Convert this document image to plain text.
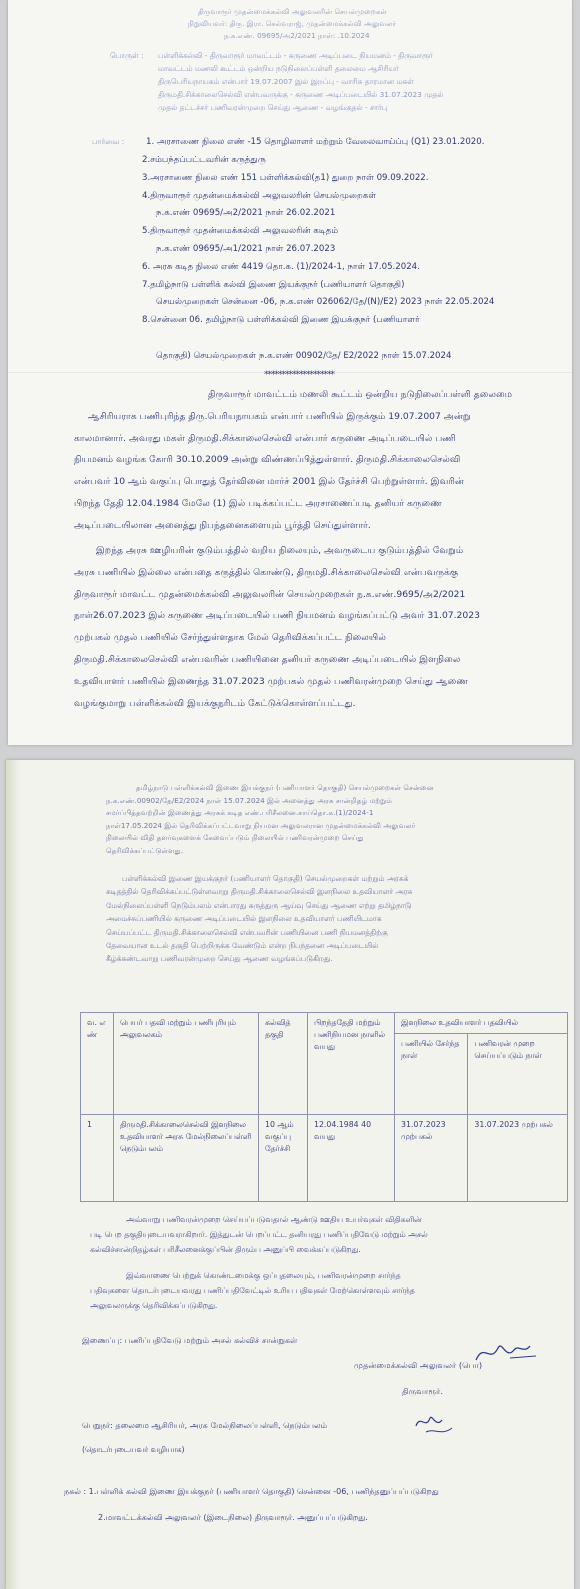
திருவாரூர் முதன்மைக்கல்வி அலுவலரின் செயல்முறைகள்
நிறுவியவர்: திரு. இரா. செல்வராஜ், முதன்மைக்கல்வி அலுவலர்
ந.க.எண். 09695/அ2/2021 நாள்: .10.2024
பொருள் : பள்ளிக்கல்வி - திருவாரூர் மாவட்டம் - கருணை அடிப்படை நியமனம் - திருவாரூர்
மாவட்டம் மணலி கூட்டம் ஒன்றிய நடுநிலைப்பள்ளி தலைமை ஆசிரியர்
திருபெரியநாயகம் என்பார் 19.07.2007 இல் இறப்பு - வாரிசு தாரமான மகள்
திருமதி.சிக்காலைசெல்வி என்பவருக்கு - கருணை அடிப்படையில் 31.07.2023 முதல்
முதல் தட்டச்சர் பணிவரன்முறை செய்து ஆணை - வழங்குதல் - சார்பு
பார்வை :	1. அரசாணை நிலை எண் -15 தொழிலாளர் மற்றும் வேலைவாய்ப்பு (Q1) 23.01.2020.
2.சம்பந்தப்பட்டவரின் கருத்துரு
3.அரசாணை நிலை எண் 151 பள்ளிக்கல்வி(த1) துறை நாள் 09.09.2022.
4.திருவாரூர் முதன்மைக்கல்வி அலுவலரின் செயல்முறைகள்
ந.க.எண் 09695/அ2/2021 நாள் 26.02.2021
5.திருவாரூர் முதன்மைக்கல்வி அலுவலரின் கடிதம்
ந.க.எண் 09695/அ1/2021 நாள் 26.07.2023
6. அரசு கடித நிலை எண் 4419 தொ.க. (1)/2024-1, நாள் 17.05.2024.
7.தமிழ்நாடு பள்ளிக் கல்வி இணை இயக்குநர் (பணியாளர் தொகுதி)
செயல்முறைகள் சென்னை -06, ந.க.எண் 026062/தே/(N)/E2) 2023 நாள் 22.05.2024
8.சென்னை 06. தமிழ்நாடு பள்ளிக்கல்வி இணை இயக்குநர் (பணியாளர்
தொகுதி) செயல்முறைகள் ந.க.எண் 00902/தே/ E2/2022 நாள் 15.07.2024
********************
திருவாரூர் மாவட்டம் மணலி கூட்டம் ஒன்றிய நடுநிலைப்பள்ளி தலைமை
ஆசிரியராக பணிபுரிந்த திரு.பெரியநாயகம் என்பார் பணியில் இருக்கும் 19.07.2007 அன்று
காலமானார். அவரது மகள் திருமதி.சிக்காலைசெல்வி என்பார் கருணை அடிப்படையில் பணி
நியமனம் வழங்க கோரி 30.10.2009 அன்று விண்ணப்பித்துள்ளார். திருமதி.சிக்காலைசெல்வி
என்பவர் 10 ஆம் வகுப்பு பொதுத் தேர்வினை மார்ச் 2001 இல் தேர்ச்சி பெற்றுள்ளார். இவரின்
பிறந்த தேதி 12.04.1984 மேலே (1) இல் படிக்கப்பட்ட அரசாணைப்படி தனியர் கருணை
அடிப்படையிலான அனைத்து நிபந்தனைகளையும் பூர்த்தி செய்துள்ளார்.
இறந்த அரசு ஊழியரின் குடும்பத்தில் வறிய நிலையும், அவருடைய குடும்பத்தில் வேறும்
அரசு பணியில் இல்லை என்பதை கருத்தில் கொண்டு, திருமதி.சிக்காலைசெல்வி என்பவருக்கு
திருவாரூர் மாவட்ட முதன்மைக்கல்வி அலுவலரின் செயல்முறைகள் ந.க.எண்.9695/அ2/2021
நாள்26.07.2023 இல் கருணை அடிப்படையில் பணி நியமனம் வழங்கப்பட்டு அவர் 31.07.2023
முற்பகல் முதல் பணியில் சேர்ந்துள்ளதாக மேல் தெரிவிக்கப்பட்ட நிலையில்
திருமதி.சிக்காலைசெல்வி என்பவரின் பணியினை தனியர் கருணை அடிப்படையில் இளநிலை
உதவியாளர் பணியில் இணைந்த 31.07.2023 முற்பகல் முதல் பணிவரன்முறை செய்து ஆணை
வழங்குமாறு பள்ளிக்கல்வி இயக்குநரிடம் கேட்டுக்கொள்ளப்பட்டது.
தமிழ்நாடு பள்ளிக்கல்வி இணை இயக்குநர் (பணியாளர் தொகுதி) செயல்முறைகள் சென்னை
ந.க.எண்.00902/தே/E2/2024 நாள் 15.07.2024 இல் அனைத்து அரசு சான்றிதழ் மற்றும்
சமர்ப்பித்தவற்றின் இணைத்து அரசுக் கடித எண்.பரிசீலனை.சாய்தொ.க.(1)/2024-1
நாள்17.05.2024 இல் தெரிவிக்கப்பட்டவாறு நியமன அலுவலரான முதன்மைக்கல்வி அலுவலர்
நிலையில் விதி தளர்வுகளைக் கேவைப்படும் நிலையில் பணிவரன்முறை செய்து
தெரிவிக்கப்பட்டுள்ளது.
பள்ளிக்கல்வி இணை இயக்குநர் (பணியாளர் தொகுதி) செயல்முறைகள் மற்றும் அரசுக்
கடிதத்தில் தெரிவிக்கப்பட்டுள்ளவாறு திருமதி.சிக்காலைசெல்வி இளநிலை உதவியாளர் அரசு
மேல்நிலைப்பள்ளி நெடும்பலம் என்பாரது கருத்துரு ஆய்வு செய்து ஆணை எற்று தமிழ்நாடு
அமைச்சுப்பணியில் கருணை அடிப்படையில் இளநிலை உதவியாளர் பணியிடமாக
செய்யப்பட்ட திருமதி.சிக்காலைசெல்வி என்பவரின் பணியினை பணி நியமனத்திற்கு
தேவையான உடல் தகுதி பெற்றிருக்க வேண்டும் என்ற நிபந்தனை அடிப்படையில்
கீழ்க்கண்டவாறு பணிவரன்முறை செய்து ஆணை வழங்கப்படுகிறது.
வ. எ ண்	பெயர் பதவி மற்றும் பணிபுரியும் அலுவலகம்	கல்வித் தகுதி	பிறந்ததேதி மற்றும் பணிநியமன நாளில் வயது	இளநிலை உதவியாளர் பதவியில்	
				பணியில் சேர்ந்த நாள்	பணிவரன் முறை செய்யப்படும் நாள்
1	திருமதி.சிக்காலைசெல்வி இளநிலை உதவியாளர் அரசு மேல்நிலைப்பள்ளி நெடும்பலம்	10 ஆம் வகுப்பு தேர்ச்சி	12.04.1984 40 வயது	31.07.2023 முற்பகல்	31.07.2023 முற்பகல்
அவ்வாறு பணிவரன்முறை செய்யப்படுவதால் ஆண்டு ஊதிய உயர்வுகள் விதிகளின்
படி பெற தகுதியுடையவராகிறார். இத்துடன் பெறப்பட்ட தனியரது பணிப்பதிவேடு மற்றும் அசல்
கல்விச்சான்றிதழ்கள் பரிசீலனைக்குப்பின் திரும்ப அனுப்பி வைக்கப்படுகிறது.
இவ்வாணை பெற்றுக் கொண்டமைக்கு ஒப்புதலையும், பணிவரன்முறை சார்ந்த
பதிவுகளை தொடர்புடையவரது பணிப்பதிவேட்டில் உரிய பதிவுகள் மேற்கொள்ளவும் சார்ந்த
அலுவலருக்கு தெரிவிக்கப்படுகிறது.
இணைப்பு: பணிப்பதிவேடு மற்றும் அசல் கல்விச் சான்றுகள்
முதன்மைக்கல்வி அலுவலர் (பொ)
திருவாரூர்.
பெறுநர்: தலைமை ஆசிரியர், அரசு மேல்நிலைப்பள்ளி, நெடும்பலம்
(தொடர்புடையவர் வழியாக)
நகல் : 1.பள்ளிக் கல்வி இணை இயக்குநர் (பணியாளர் தொகுதி) சென்னை -06, பணிந்தனுப்பப்படுகிறது
2.மாவட்டக்கல்வி அலுவலர் (இடைநிலை) திருவாரூர். அனுப்பப்படுகிறது.
